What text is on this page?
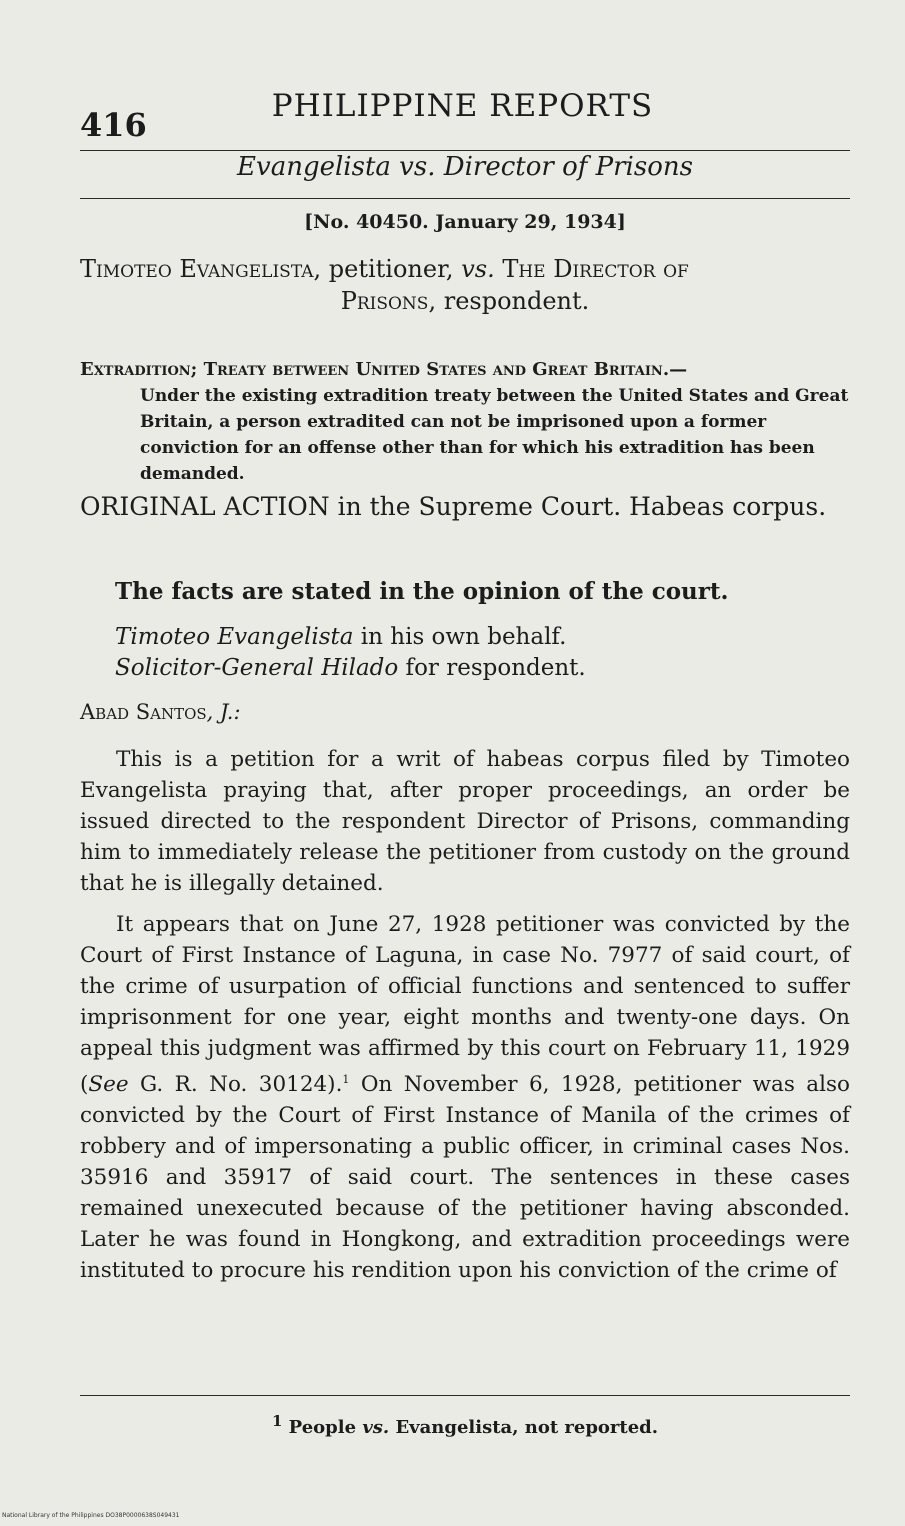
416	PHILIPPINE REPORTS
Evangelista vs. Director of Prisons
[No. 40450. January 29, 1934]
Timoteo Evangelista, petitioner, vs. The Director of
Prisons, respondent.
Extradition; Treaty between United States and Great Britain.—
Under the existing extradition treaty between the United States and Great Britain, a person extradited can not be imprisoned upon a former conviction for an offense other than for which his extradition has been demanded.
ORIGINAL ACTION in the Supreme Court. Habeas corpus.
The facts are stated in the opinion of the court.
Timoteo Evangelista in his own behalf.
Solicitor-General Hilado for respondent.
Abad Santos, J.:

This is a petition for a writ of habeas corpus filed by Timoteo Evangelista praying that, after proper proceedings, an order be issued directed to the respondent Director of Prisons, commanding him to immediately release the petitioner from custody on the ground that he is illegally detained.

It appears that on June 27, 1928 petitioner was convicted by the Court of First Instance of Laguna, in case No. 7977 of said court, of the crime of usurpation of official functions and sentenced to suffer imprisonment for one year, eight months and twenty-one days. On appeal this judgment was affirmed by this court on February 11, 1929 (See G. R. No. 30124).$^1$ On November 6, 1928, petitioner was also convicted by the Court of First Instance of Manila of the crimes of robbery and of impersonating a public officer, in criminal cases Nos. 35916 and 35917 of said court. The sentences in these cases remained unexecuted because of the petitioner having absconded. Later he was found in Hongkong, and extradition proceedings were instituted to procure his rendition upon his conviction of the crime of

$^1$ People vs. Evangelista, not reported.
National Library of the Philippines DO38P0000638S049431
